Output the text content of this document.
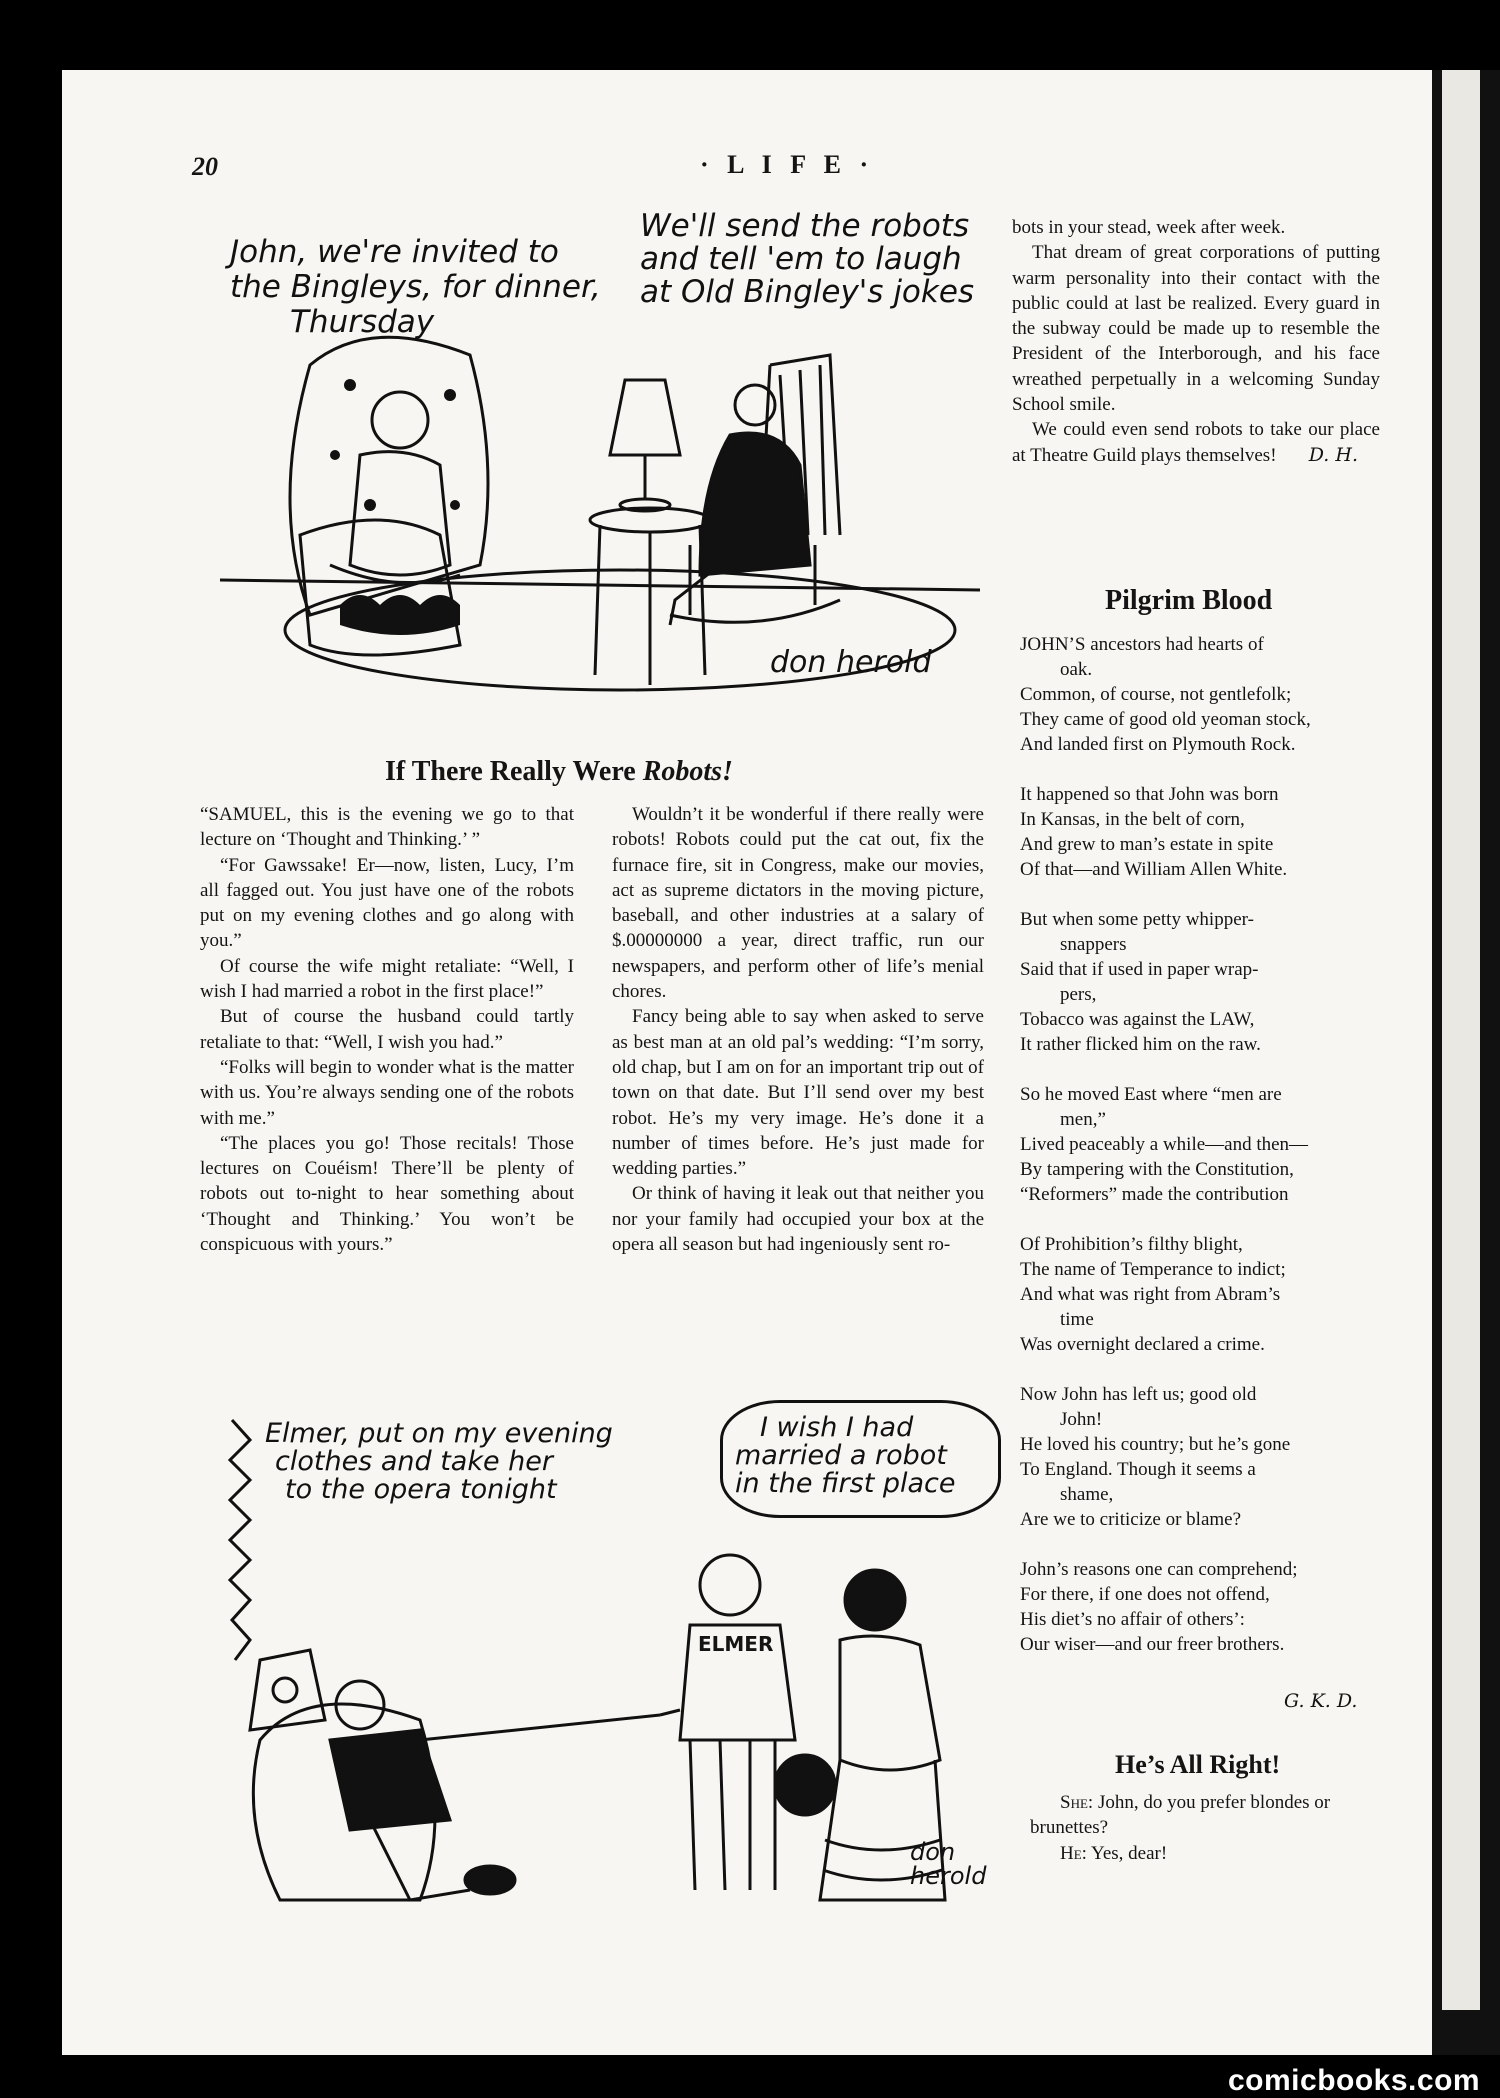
20	· L I F E ·
John, we're invited to
the Bingleys, for dinner,
Thursday
We'll send the robots
and tell 'em to laugh
at Old Bingley's jokes
don herold

bots in your stead, week after week.

That dream of great corporations of putting warm personality into their contact with the public could at last be realized. Every guard in the subway could be made up to resemble the President of the Interborough, and his face wreathed perpetually in a welcoming Sunday School smile.

We could even send robots to take our place at Theatre Guild plays themselves!	D. H.
If There Really Were Robots!

“SAMUEL, this is the evening we go to that lecture on ‘Thought and Thinking.’ ”

“For Gawssake! Er—now, listen, Lucy, I’m all fagged out. You just have one of the robots put on my evening clothes and go along with you.”

Of course the wife might retaliate: “Well, I wish I had married a robot in the first place!”

But of course the husband could tartly retaliate to that: “Well, I wish you had.”

“Folks will begin to wonder what is the matter with us. You’re always sending one of the robots with me.”

“The places you go! Those recitals! Those lectures on Couéism! There’ll be plenty of robots out to-night to hear something about ‘Thought and Thinking.’ You won’t be conspicuous with yours.”

Wouldn’t it be wonderful if there really were robots! Robots could put the cat out, fix the furnace fire, sit in Congress, make our movies, act as supreme dictators in the moving picture, baseball, and other industries at a salary of $.00000000 a year, direct traffic, run our newspapers, and perform other of life’s menial chores.

Fancy being able to say when asked to serve as best man at an old pal’s wedding: “I’m sorry, old chap, but I am on for an important trip out of town on that date. But I’ll send over my best robot. He’s my very image. He’s done it a number of times before. He’s just made for wedding parties.”

Or think of having it leak out that neither you nor your family had occupied your box at the opera all season but had ingeniously sent ro-

Elmer, put on my evening
clothes and take her
to the opera tonight
I wish I had
married a robot
in the first place
ELMER
don
herold
Pilgrim Blood
JOHN’S ancestors had hearts of
oak.
Common, of course, not gentlefolk;
They came of good old yeoman stock,
And landed first on Plymouth Rock.
It happened so that John was born
In Kansas, in the belt of corn,
And grew to man’s estate in spite
Of that—and William Allen White.
But when some petty whipper-
snappers
Said that if used in paper wrap-
pers,
Tobacco was against the LAW,
It rather flicked him on the raw.
So he moved East where “men are
men,”
Lived peaceably a while—and then—
By tampering with the Constitution,
“Reformers” made the contribution
Of Prohibition’s filthy blight,
The name of Temperance to indict;
And what was right from Abram’s
time
Was overnight declared a crime.
Now John has left us; good old
John!
He loved his country; but he’s gone
To England. Though it seems a
shame,
Are we to criticize or blame?
John’s reasons one can comprehend;
For there, if one does not offend,
His diet’s no affair of others’:
Our wiser—and our freer brothers.
G. K. D.
He’s All Right!

She: John, do you prefer blondes or brunettes?

He: Yes, dear!

comicbooks.com
